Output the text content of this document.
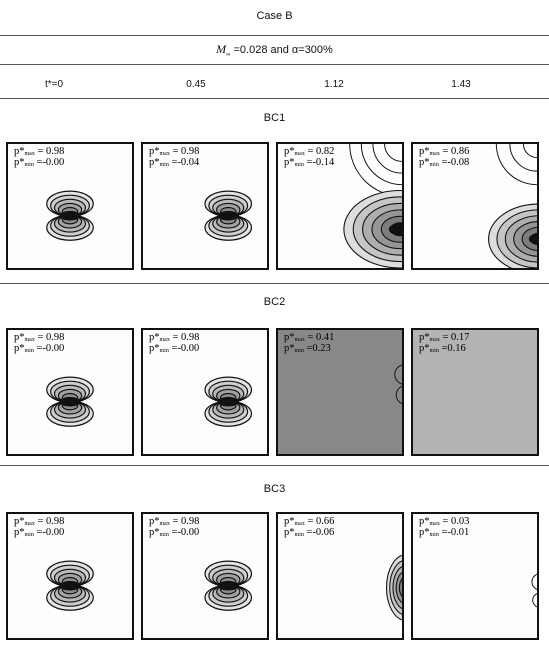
Case B
$M_\infty =0.028$ and α=300%
t*=0	0.45	1.12	1.43
BC1
BC2
BC3
$p*_{max} = 0.98$
$p*_{min} =-0.00$
$p*_{max} = 0.98$
$p*_{min} =-0.04$
$p*_{max} = 0.82$
$p*_{min} =-0.14$
$p*_{max} = 0.86$
$p*_{min} =-0.08$
$p*_{max} = 0.98$
$p*_{min} =-0.00$
$p*_{max} = 0.98$
$p*_{min} =-0.00$
$p*_{max} = 0.41$
$p*_{min} =0.23$
$p*_{max} = 0.17$
$p*_{min} =0.16$
$p*_{max} = 0.98$
$p*_{min} =-0.00$
$p*_{max} = 0.98$
$p*_{min} =-0.00$
$p*_{max} = 0.66$
$p*_{min} =-0.06$
$p*_{max} = 0.03$
$p*_{min} =-0.01$
